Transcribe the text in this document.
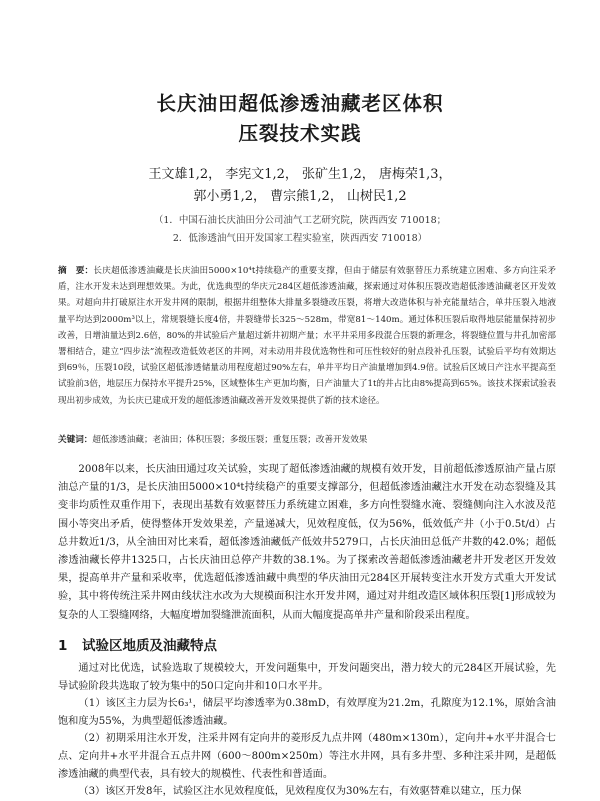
长庆油田超低渗透油藏老区体积
压裂技术实践
王文雄1,2， 李宪文1,2， 张矿生1,2， 唐梅荣1,3，
郭小勇1,2， 曹宗熊1,2， 山树民1,2
（1．中国石油长庆油田分公司油气工艺研究院，陕西西安 710018；
2．低渗透油气田开发国家工程实验室，陕西西安 710018）
摘　要：长庆超低渗透油藏是长庆油田5000×10⁴t持续稳产的重要支撑，但由于储层有效驱替压力系统建立困难、多方向注采矛盾，注水开发未达到理想效果。为此，优选典型的华庆元284区超低渗透油藏，探索通过对体积压裂改造超低渗透油藏老区开发效果。对超向井打破原注水开发井网的限制，根据井组整体大排量多裂缝改压裂，将增大改造体积与补充能量结合，单井压裂入地液量平均达到2000m³以上，常规裂缝长度4倍，井裂缝带长325～528m，带宽81～140m。通过体积压裂后取得地层能量保持初步改善，日增油量达到2.6倍，80%的井试验后产量超过新井初期产量；水平井采用多段混合压裂的新理念，将裂缝位置与井孔加密部署相结合，建立“四步法”流程改造低效老区的井网，对未动用井段优选物性和可压性较好的射点段补孔压裂，试验后平均有效期达到69％，压裂10段，试验区超低渗透储量动用程度超过90%左右，单井平均日产油量增加到4.9倍。试验后区域日产注水平提高至试验前3倍，地层压力保持水平提升25%，区域整体生产更加均衡，日产油量大了1t的井占比由8%提高到65%。该技术探索试验表现出初步成效，为长庆已建成开发的超低渗透油藏改善开发效果提供了新的技术途径。
关键词：超低渗透油藏；老油田；体积压裂；多级压裂；重复压裂；改善开发效果

2008年以来，长庆油田通过攻关试验，实现了超低渗透油藏的规模有效开发，目前超低渗透原油产量占原油总产量的1/3，是长庆油田5000×10⁴t持续稳产的重要支撑部分，但超低渗透油藏注水开发在动态裂缝及其变非均质性双重作用下，表现出基数有效驱替压力系统建立困难，多方向性裂缝水淹、裂缝侧向注入水波及范围小等突出矛盾，使得整体开发效果差，产量递减大，见效程度低，仅为56%，低效低产井（小于0.5t/d）占总井数近1/3，从全油田对比来看，超低渗透油藏低产低效井5279口，占长庆油田总低产井数的42.0%；超低渗透油藏长停井1325口，占长庆油田总停产井数的38.1%。为了探索改善超低渗透油藏老井开发老区开发效果，提高单井产量和采收率，优选超低渗透油藏中典型的华庆油田元284区开展转变注水开发方式重大开发试验，其中将传统注采井网由线状注水改为大规模面积注水开发井网，通过对井组改造区域体积压裂[1]形成较为复杂的人工裂缝网络，大幅度增加裂缝泄流面积，从而大幅度提高单井产量和阶段采出程度。

1 试验区地质及油藏特点

通过对比优选，试验选取了规模较大，开发问题集中，开发问题突出，潜力较大的元284区开展试验，先导试验阶段共选取了较为集中的50口定向井和10口水平井。

（1）该区主力层为长6₃¹，储层平均渗透率为0.38mD，有效厚度为21.2m，孔隙度为12.1%，原始含油饱和度为55%，为典型超低渗透油藏。

（2）初期采用注水开发，注采井网有定向井的菱形反九点井网（480m×130m），定向井+水平井混合七点、定向井+水平井混合五点井网（600～800m×250m）等注水井网，具有多井型、多种注采井网，是超低渗透油藏的典型代表，具有较大的规模性、代表性和普适面。

（3）该区开发8年，试验区注水见效程度低，见效程度仅为30%左右，有效驱替难以建立，压力保
